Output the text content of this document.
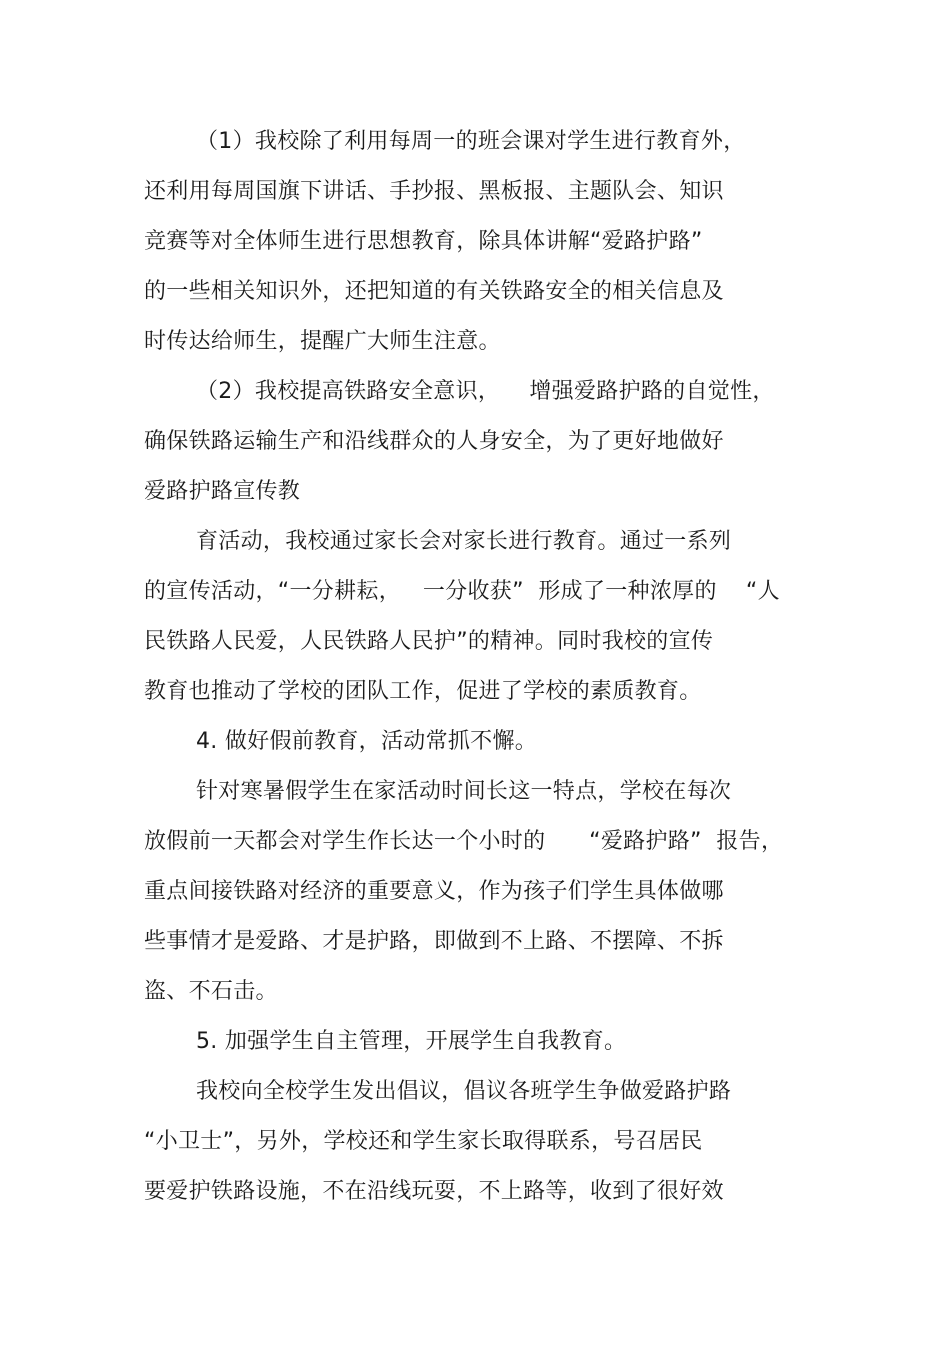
（1）我校除了利用每周一的班会课对学生进行教育外，
还利用每周国旗下讲话、手抄报、黑板报、主题队会、知识
竞赛等对全体师生进行思想教育，除具体讲解“爱路护路”
的一些相关知识外，还把知道的有关铁路安全的相关信息及
时传达给师生，提醒广大师生注意。
（2）我校提高铁路安全意识，    增强爱路护路的自觉性，
确保铁路运输生产和沿线群众的人身安全，为了更好地做好
爱路护路宣传教
育活动，我校通过家长会对家长进行教育。通过一系列
的宣传活动，“一分耕耘，   一分收获”  形成了一种浓厚的    “人
民铁路人民爱，人民铁路人民护”的精神。同时我校的宣传
教育也推动了学校的团队工作，促进了学校的素质教育。
4. 做好假前教育，活动常抓不懈。
针对寒暑假学生在家活动时间长这一特点，学校在每次
放假前一天都会对学生作长达一个小时的      “爱路护路”  报告，
重点间接铁路对经济的重要意义，作为孩子们学生具体做哪
些事情才是爱路、才是护路，即做到不上路、不摆障、不拆
盗、不石击。
5. 加强学生自主管理，开展学生自我教育。
我校向全校学生发出倡议，倡议各班学生争做爱路护路
“小卫士”，另外，学校还和学生家长取得联系，号召居民
要爱护铁路设施，不在沿线玩耍，不上路等，收到了很好效
